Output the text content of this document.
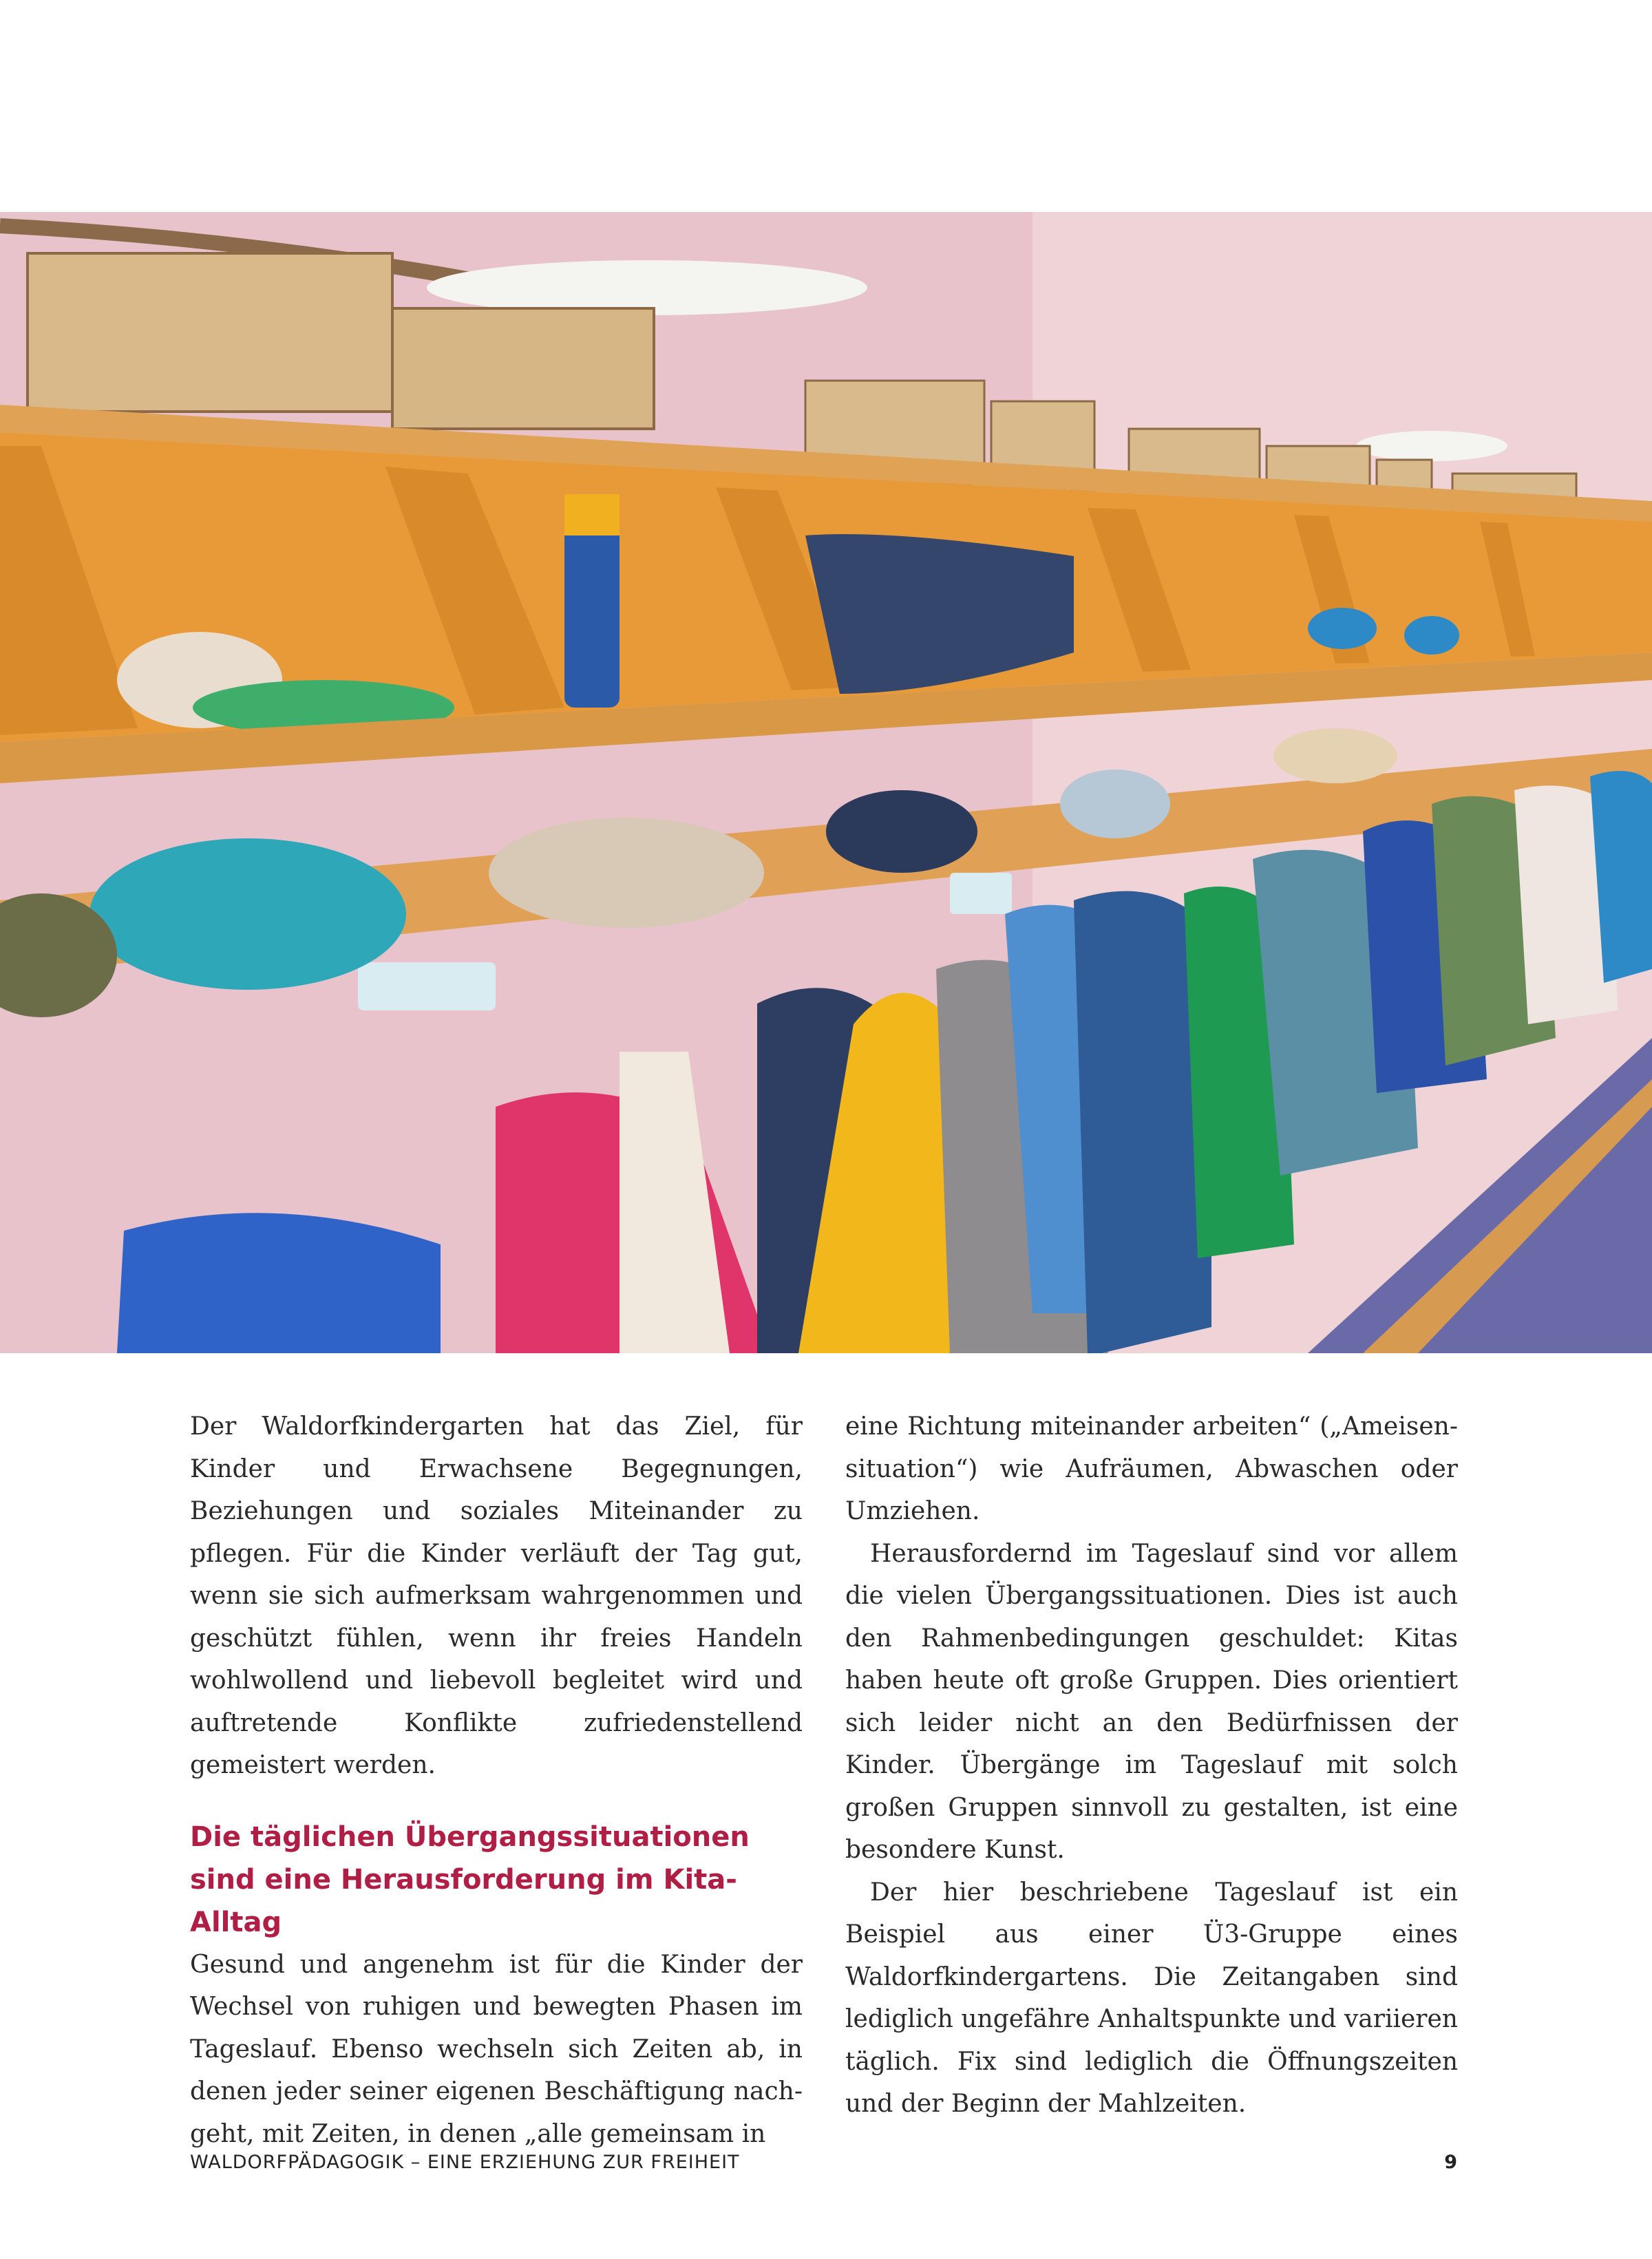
Der Waldorfkindergarten hat das Ziel, für Kinder und Erwachsene Begegnungen, Beziehungen und soziales Miteinander zu pflegen. Für die Kinder verläuft der Tag gut, wenn sie sich aufmerksam wahrgenommen und geschützt fühlen, wenn ihr freies Handeln wohlwollend und liebevoll begleitet wird und auftretende Konflikte zufriedenstellend gemeistert werden.

Die täglichen Übergangssituationen sind eine Herausforderung im Kita-Alltag

Gesund und angenehm ist für die Kinder der Wechsel von ruhigen und bewegten Phasen im Tageslauf. Ebenso wechseln sich Zeiten ab, in denen jeder seiner eigenen Beschäftigung nachgeht, mit Zeiten, in denen „alle gemeinsam in

eine Richtung miteinander arbeiten“ („Ameisensituation“) wie Aufräumen, Abwaschen oder Umziehen.

Herausfordernd im Tageslauf sind vor allem die vielen Übergangssituationen. Dies ist auch den Rahmenbedingungen geschuldet: Kitas haben heute oft große Gruppen. Dies orientiert sich leider nicht an den Bedürfnissen der Kinder. Übergänge im Tageslauf mit solch großen Gruppen sinnvoll zu gestalten, ist eine besondere Kunst.

Der hier beschriebene Tageslauf ist ein Beispiel aus einer Ü3-Gruppe eines Waldorfkindergartens. Die Zeitangaben sind lediglich ungefähre Anhaltspunkte und variieren täglich. Fix sind lediglich die Öffnungszeiten und der Beginn der Mahlzeiten.

WALDORFPÄDAGOGIK – EINE ERZIEHUNG ZUR FREIHEIT	9
